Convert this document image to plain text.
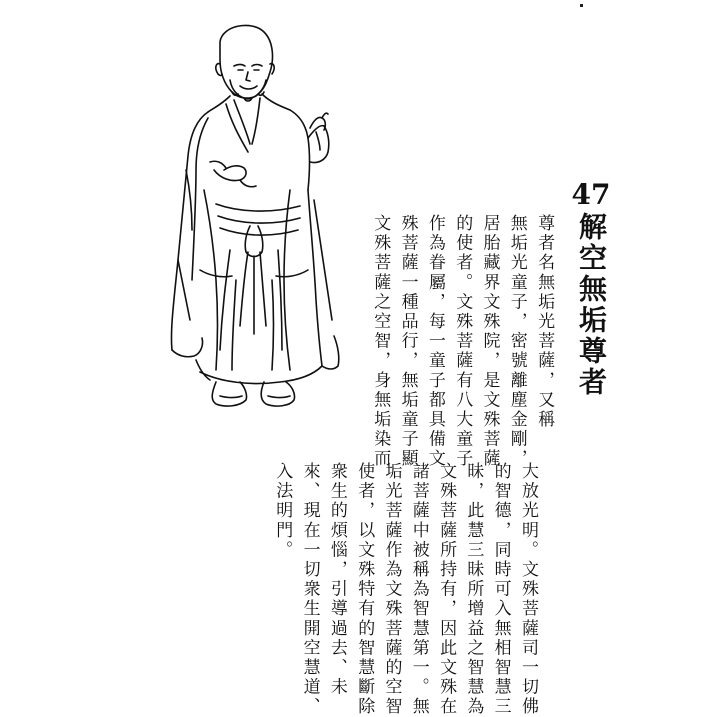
47
解空無垢尊者
尊者名無垢光菩薩，又稱
無垢光童子，密號離塵金剛，
居胎藏界文殊院，是文殊菩薩
的使者。文殊菩薩有八大童子
作為眷屬，每一童子都具備文
殊菩薩一種品行，無垢童子顯
文殊菩薩之空智，身無垢染而
大放光明。文殊菩薩司一切佛
的智德，同時可入無相智慧三
昧，此慧三昧所增益之智慧為
文殊菩薩所持有，因此文殊在
諸菩薩中被稱為智慧第一。無
垢光菩薩作為文殊菩薩的空智
使者，以文殊特有的智慧斷除
衆生的煩惱，引導過去、未
來、現在一切衆生開空慧道、
入法明門。
